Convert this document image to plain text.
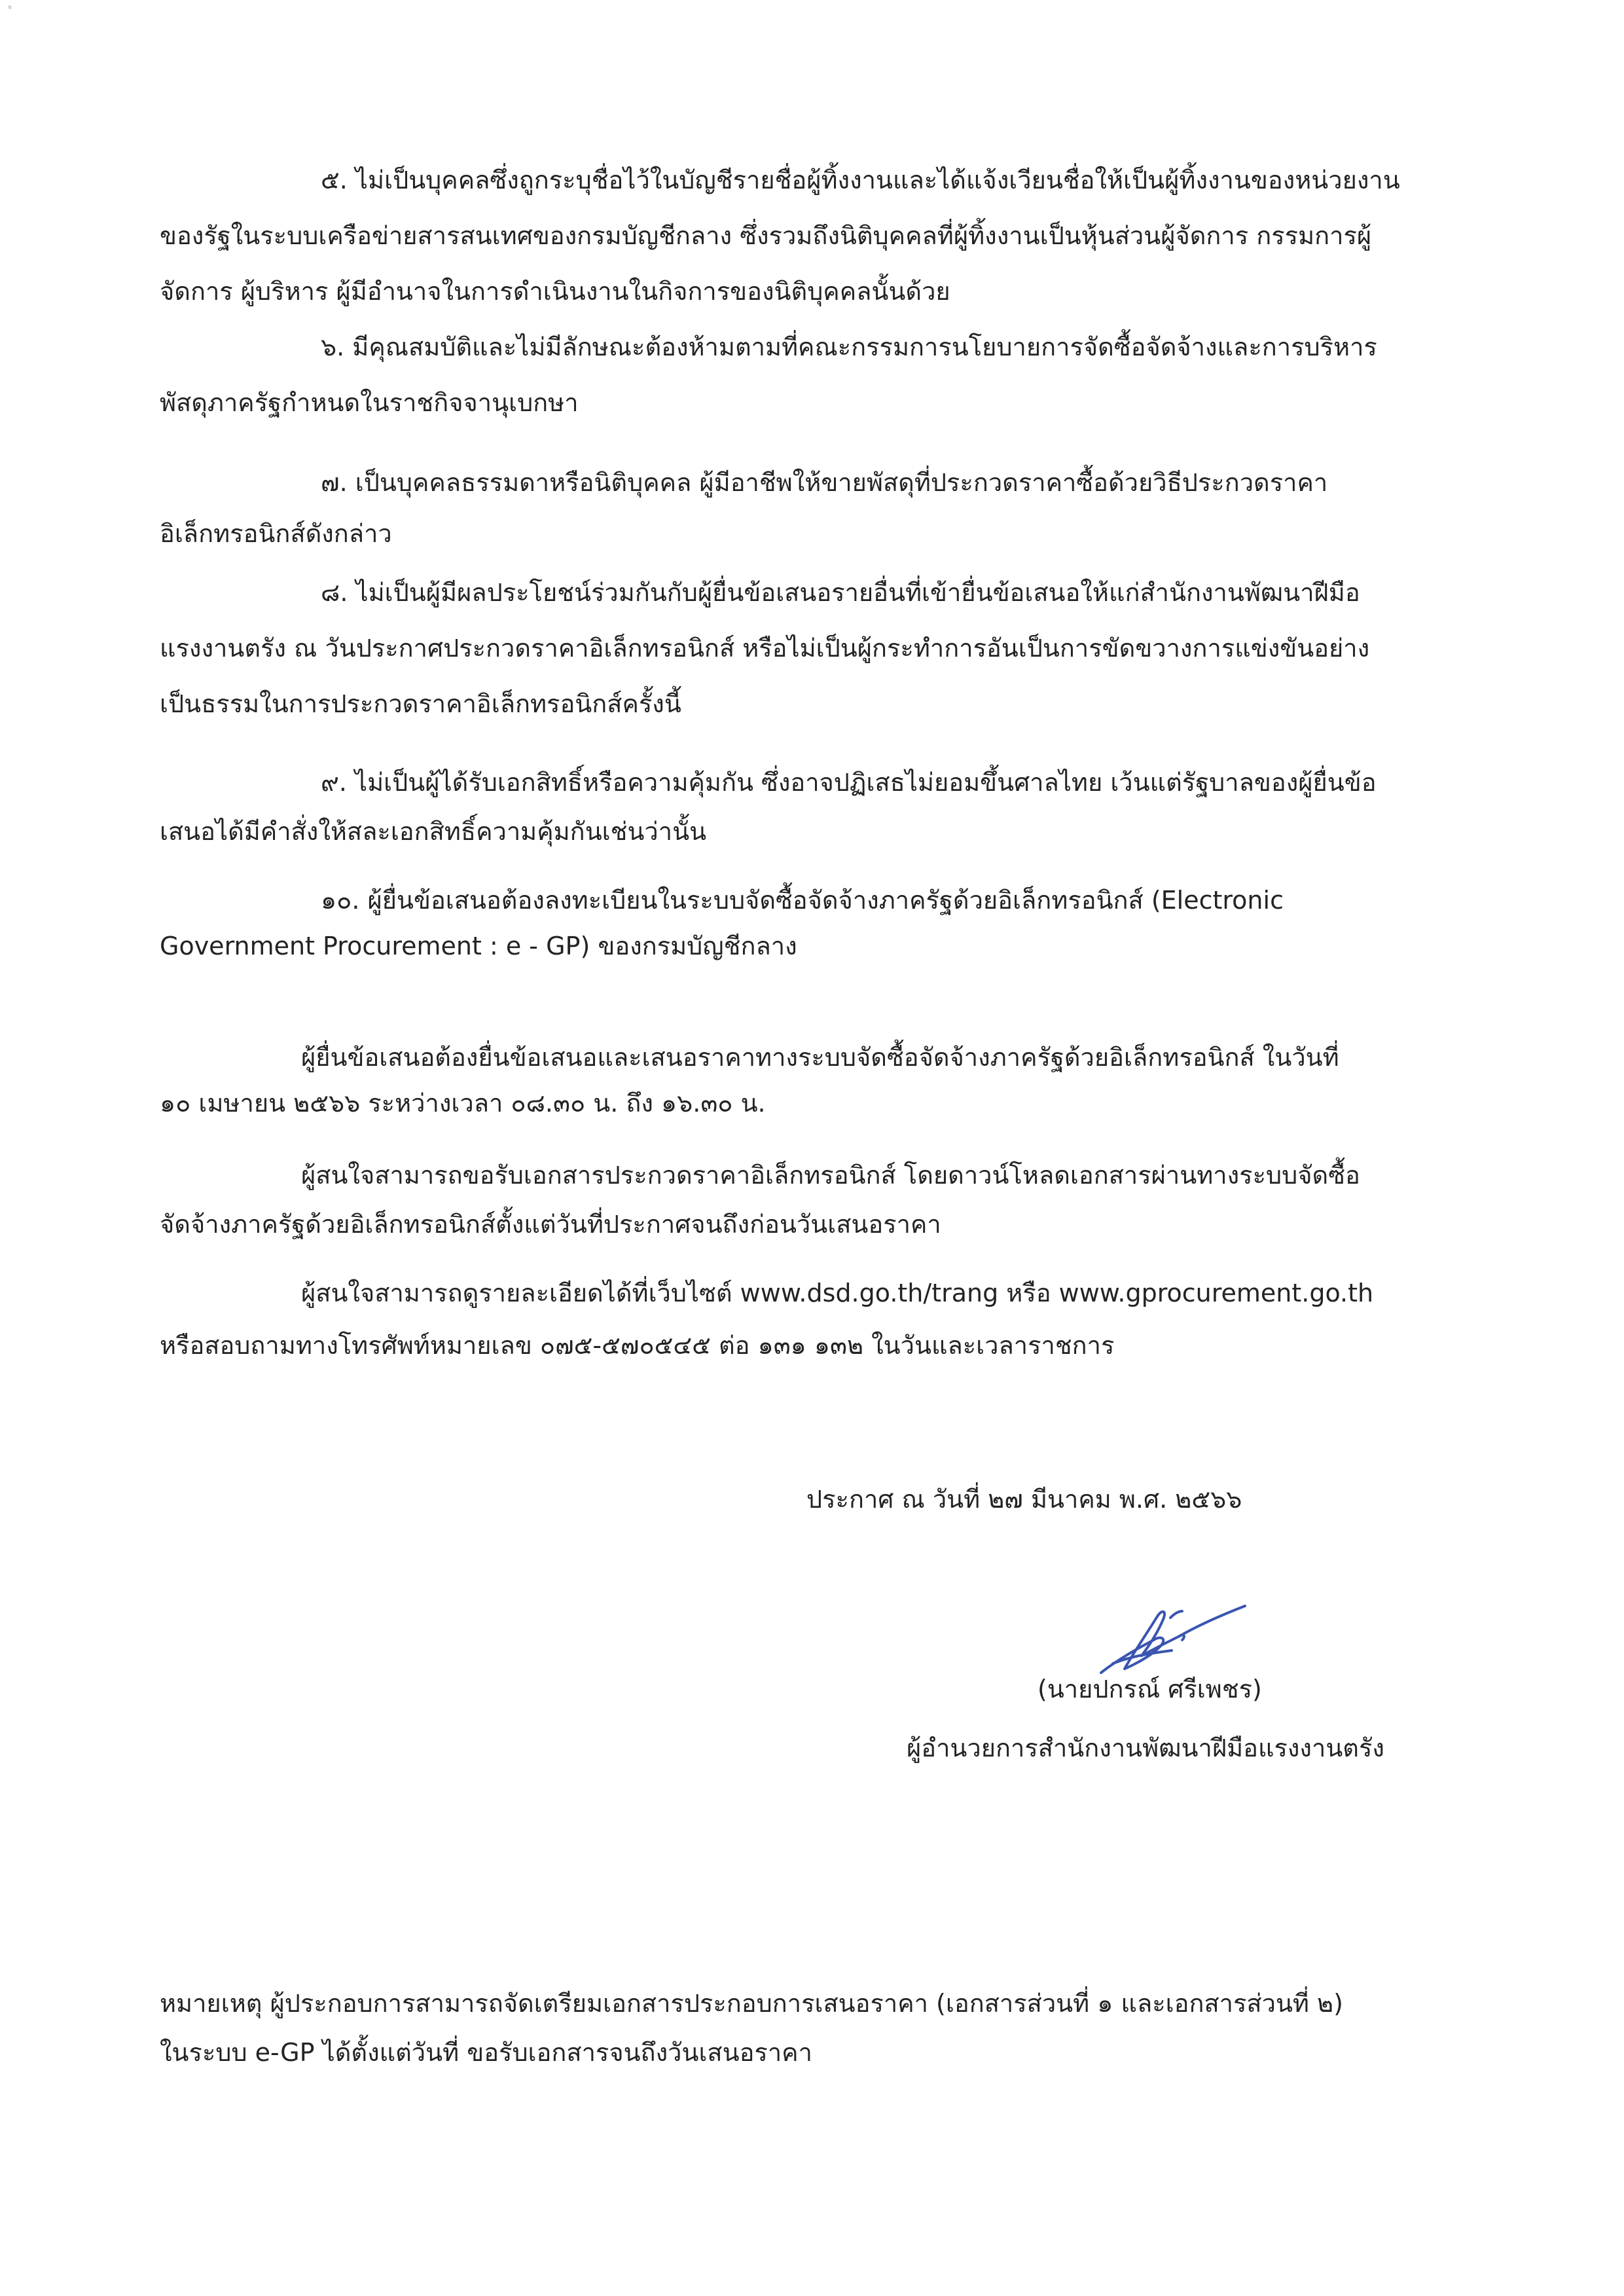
๕. ไม่เป็นบุคคลซึ่งถูกระบุชื่อไว้ในบัญชีรายชื่อผู้ทิ้งงานและได้แจ้งเวียนชื่อให้เป็นผู้ทิ้งงานของหน่วยงาน

ของรัฐในระบบเครือข่ายสารสนเทศของกรมบัญชีกลาง ซึ่งรวมถึงนิติบุคคลที่ผู้ทิ้งงานเป็นหุ้นส่วนผู้จัดการ กรรมการผู้

จัดการ ผู้บริหาร ผู้มีอำนาจในการดำเนินงานในกิจการของนิติบุคคลนั้นด้วย

๖. มีคุณสมบัติและไม่มีลักษณะต้องห้ามตามที่คณะกรรมการนโยบายการจัดซื้อจัดจ้างและการบริหาร

พัสดุภาครัฐกำหนดในราชกิจจานุเบกษา

๗. เป็นบุคคลธรรมดาหรือนิติบุคคล ผู้มีอาชีพให้ขายพัสดุที่ประกวดราคาซื้อด้วยวิธีประกวดราคา

อิเล็กทรอนิกส์ดังกล่าว

๘. ไม่เป็นผู้มีผลประโยชน์ร่วมกันกับผู้ยื่นข้อเสนอรายอื่นที่เข้ายื่นข้อเสนอให้แก่สำนักงานพัฒนาฝีมือ

แรงงานตรัง ณ วันประกาศประกวดราคาอิเล็กทรอนิกส์ หรือไม่เป็นผู้กระทำการอันเป็นการขัดขวางการแข่งขันอย่าง

เป็นธรรมในการประกวดราคาอิเล็กทรอนิกส์ครั้งนี้

๙. ไม่เป็นผู้ได้รับเอกสิทธิ์หรือความคุ้มกัน ซึ่งอาจปฏิเสธไม่ยอมขึ้นศาลไทย เว้นแต่รัฐบาลของผู้ยื่นข้อ

เสนอได้มีคำสั่งให้สละเอกสิทธิ์ความคุ้มกันเช่นว่านั้น

๑๐. ผู้ยื่นข้อเสนอต้องลงทะเบียนในระบบจัดซื้อจัดจ้างภาครัฐด้วยอิเล็กทรอนิกส์ (Electronic

Government Procurement : e - GP) ของกรมบัญชีกลาง

ผู้ยื่นข้อเสนอต้องยื่นข้อเสนอและเสนอราคาทางระบบจัดซื้อจัดจ้างภาครัฐด้วยอิเล็กทรอนิกส์ ในวันที่

๑๐ เมษายน ๒๕๖๖ ระหว่างเวลา ๐๘.๓๐ น. ถึง ๑๖.๓๐ น.

ผู้สนใจสามารถขอรับเอกสารประกวดราคาอิเล็กทรอนิกส์ โดยดาวน์โหลดเอกสารผ่านทางระบบจัดซื้อ

จัดจ้างภาครัฐด้วยอิเล็กทรอนิกส์ตั้งแต่วันที่ประกาศจนถึงก่อนวันเสนอราคา

ผู้สนใจสามารถดูรายละเอียดได้ที่เว็บไซต์ www.dsd.go.th/trang หรือ www.gprocurement.go.th

หรือสอบถามทางโทรศัพท์หมายเลข ๐๗๕-๕๗๐๕๔๕ ต่อ ๑๓๑ ๑๓๒ ในวันและเวลาราชการ

ประกาศ ณ วันที่ ๒๗ มีนาคม พ.ศ. ๒๕๖๖

(นายปกรณ์ ศรีเพชร)

ผู้อำนวยการสำนักงานพัฒนาฝีมือแรงงานตรัง

หมายเหตุ ผู้ประกอบการสามารถจัดเตรียมเอกสารประกอบการเสนอราคา (เอกสารส่วนที่ ๑ และเอกสารส่วนที่ ๒)

ในระบบ e-GP ได้ตั้งแต่วันที่ ขอรับเอกสารจนถึงวันเสนอราคา
